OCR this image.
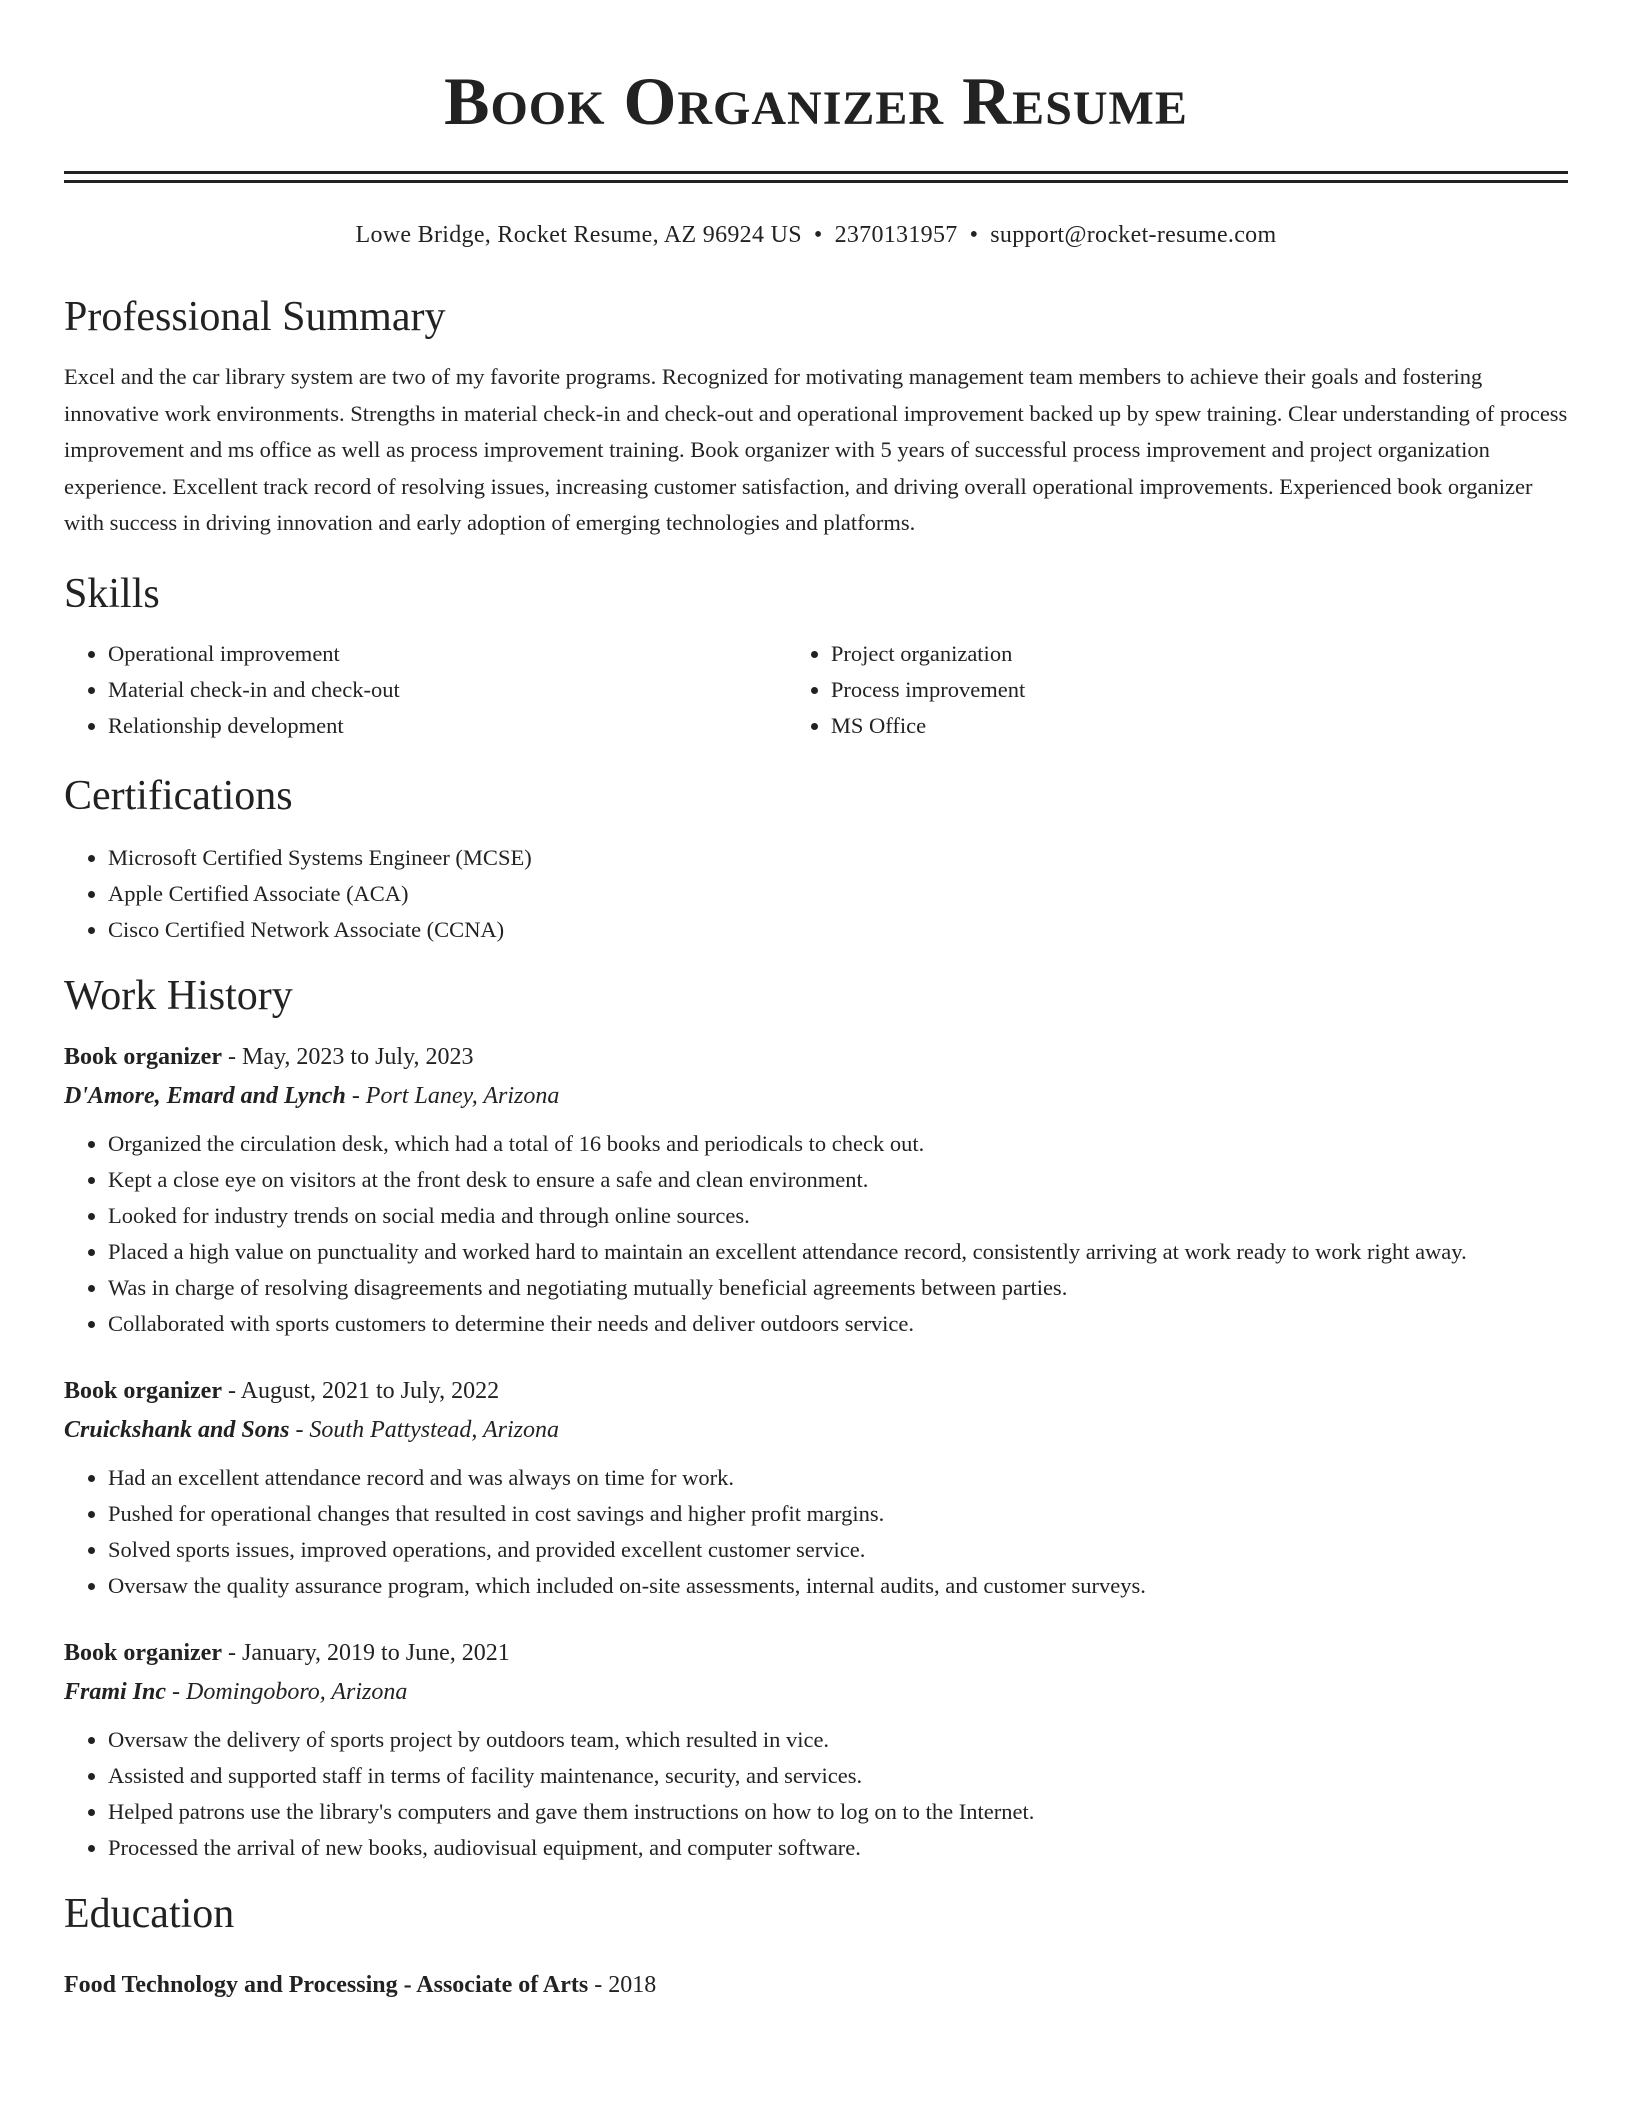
Book Organizer Resume
Lowe Bridge, Rocket Resume, AZ 96924 US • 2370131957 • support@rocket-resume.com
Professional Summary

Excel and the car library system are two of my favorite programs. Recognized for motivating management team members to achieve their goals and fostering innovative work environments. Strengths in material check-in and check-out and operational improvement backed up by spew training. Clear understanding of process improvement and ms office as well as process improvement training. Book organizer with 5 years of successful process improvement and project organization experience. Excellent track record of resolving issues, increasing customer satisfaction, and driving overall operational improvements. Experienced book organizer with success in driving innovation and early adoption of emerging technologies and platforms.

Skills
• Operational improvement
• Material check-in and check-out
• Relationship development
• Project organization
• Process improvement
• MS Office
Certifications
• Microsoft Certified Systems Engineer (MCSE)
• Apple Certified Associate (ACA)
• Cisco Certified Network Associate (CCNA)
Work History
Book organizer - May, 2023 to July, 2023
D'Amore, Emard and Lynch - Port Laney, Arizona
• Organized the circulation desk, which had a total of 16 books and periodicals to check out.
• Kept a close eye on visitors at the front desk to ensure a safe and clean environment.
• Looked for industry trends on social media and through online sources.
• Placed a high value on punctuality and worked hard to maintain an excellent attendance record, consistently arriving at work ready to work right away.
• Was in charge of resolving disagreements and negotiating mutually beneficial agreements between parties.
• Collaborated with sports customers to determine their needs and deliver outdoors service.
Book organizer - August, 2021 to July, 2022
Cruickshank and Sons - South Pattystead, Arizona
• Had an excellent attendance record and was always on time for work.
• Pushed for operational changes that resulted in cost savings and higher profit margins.
• Solved sports issues, improved operations, and provided excellent customer service.
• Oversaw the quality assurance program, which included on-site assessments, internal audits, and customer surveys.
Book organizer - January, 2019 to June, 2021
Frami Inc - Domingoboro, Arizona
• Oversaw the delivery of sports project by outdoors team, which resulted in vice.
• Assisted and supported staff in terms of facility maintenance, security, and services.
• Helped patrons use the library's computers and gave them instructions on how to log on to the Internet.
• Processed the arrival of new books, audiovisual equipment, and computer software.
Education
Food Technology and Processing - Associate of Arts - 2018
